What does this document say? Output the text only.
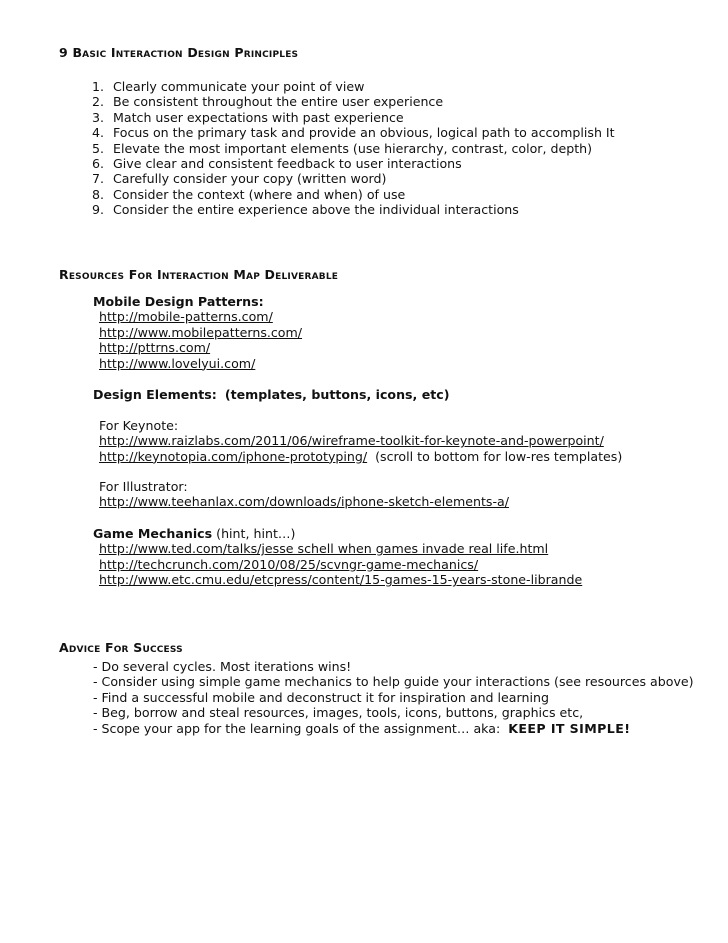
9 Basic Interaction Design Principles
1. Clearly communicate your point of view
2. Be consistent throughout the entire user experience
3. Match user expectations with past experience
4. Focus on the primary task and provide an obvious, logical path to accomplish It
5. Elevate the most important elements (use hierarchy, contrast, color, depth)
6. Give clear and consistent feedback to user interactions
7. Carefully consider your copy (written word)
8. Consider the context (where and when) of use
9. Consider the entire experience above the individual interactions
Resources For Interaction Map Deliverable
Mobile Design Patterns:
http://mobile-patterns.com/
http://www.mobilepatterns.com/
http://pttrns.com/
http://www.lovelyui.com/
Design Elements: (templates, buttons, icons, etc)
For Keynote:
http://www.raizlabs.com/2011/06/wireframe-toolkit-for-keynote-and-powerpoint/
http://keynotopia.com/iphone-prototyping/ (scroll to bottom for low-res templates)
For Illustrator:
http://www.teehanlax.com/downloads/iphone-sketch-elements-a/
Game Mechanics (hint, hint…)
http://www.ted.com/talks/jesse schell when games invade real life.html
http://techcrunch.com/2010/08/25/scvngr-game-mechanics/
http://www.etc.cmu.edu/etcpress/content/15-games-15-years-stone-librande
Advice For Success
- Do several cycles. Most iterations wins!
- Consider using simple game mechanics to help guide your interactions (see resources above)
- Find a successful mobile and deconstruct it for inspiration and learning
- Beg, borrow and steal resources, images, tools, icons, buttons, graphics etc,
- Scope your app for the learning goals of the assignment… aka: KEEP IT SIMPLE!
